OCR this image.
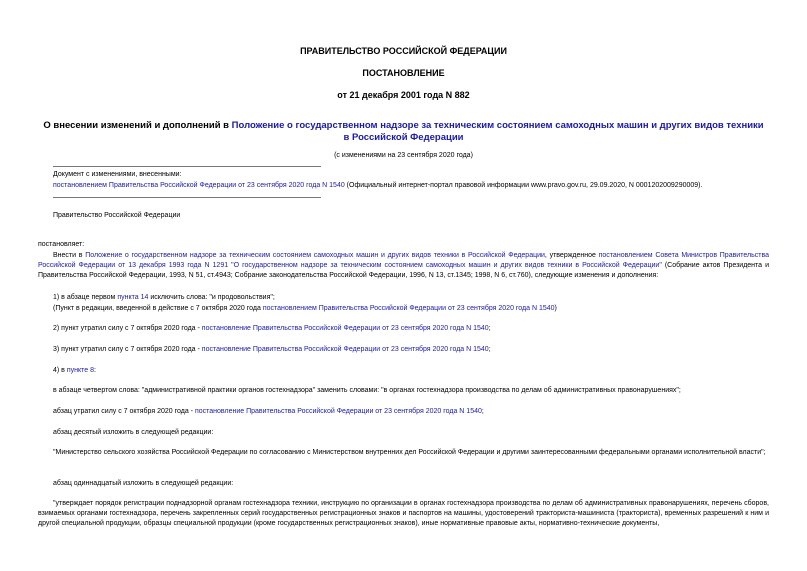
ПРАВИТЕЛЬСТВО РОССИЙСКОЙ ФЕДЕРАЦИИ
ПОСТАНОВЛЕНИЕ
от 21 декабря 2001 года N 882
О внесении изменений и дополнений в Положение о государственном надзоре за техническим состоянием самоходных машин и других видов техники в Российской Федерации
(с изменениями на 23 сентября 2020 года)
Документ с изменениями, внесенными:
постановлением Правительства Российской Федерации от 23 сентября 2020 года N 1540 (Официальный интернет-портал правовой информации www.pravo.gov.ru, 29.09.2020, N 0001202009290009).
Правительство Российской Федерации
постановляет:
Внести в Положение о государственном надзоре за техническим состоянием самоходных машин и других видов техники в Российской Федерации, утвержденное постановлением Совета Министров Правительства Российской Федерации от 13 декабря 1993 года N 1291 "О государственном надзоре за техническим состоянием самоходных машин и других видов техники в Российской Федерации" (Собрание актов Президента и Правительства Российской Федерации, 1993, N 51, ст.4943; Собрание законодательства Российской Федерации, 1996, N 13, ст.1345; 1998, N 6, ст.760), следующие изменения и дополнения:
1) в абзаце первом пункта 14 исключить слова: "и продовольствия";
(Пункт в редакции, введенной в действие с 7 октября 2020 года постановлением Правительства Российской Федерации от 23 сентября 2020 года N 1540)
2) пункт утратил силу с 7 октября 2020 года - постановление Правительства Российской Федерации от 23 сентября 2020 года N 1540;
3) пункт утратил силу с 7 октября 2020 года - постановление Правительства Российской Федерации от 23 сентября 2020 года N 1540;
4) в пункте 8:
в абзаце четвертом слова: "административной практики органов гостехнадзора" заменить словами: "в органах гостехнадзора производства по делам об административных правонарушениях";
абзац утратил силу с 7 октября 2020 года - постановление Правительства Российской Федерации от 23 сентября 2020 года N 1540;
абзац десятый изложить в следующей редакции:
"Министерство сельского хозяйства Российской Федерации по согласованию с Министерством внутренних дел Российской Федерации и другими заинтересованными федеральными органами исполнительной власти";
абзац одиннадцатый изложить в следующей редакции:
"утверждает порядок регистрации поднадзорной органам гостехнадзора техники, инструкцию по организации в органах гостехнадзора производства по делам об административных правонарушениях, перечень сборов, взимаемых органами гостехнадзора, перечень закрепленных серий государственных регистрационных знаков и паспортов на машины, удостоверений тракториста-машиниста (тракториста), временных разрешений к ним и другой специальной продукции, образцы специальной продукции (кроме государственных регистрационных знаков), иные нормативные правовые акты, нормативно-технические документы,
